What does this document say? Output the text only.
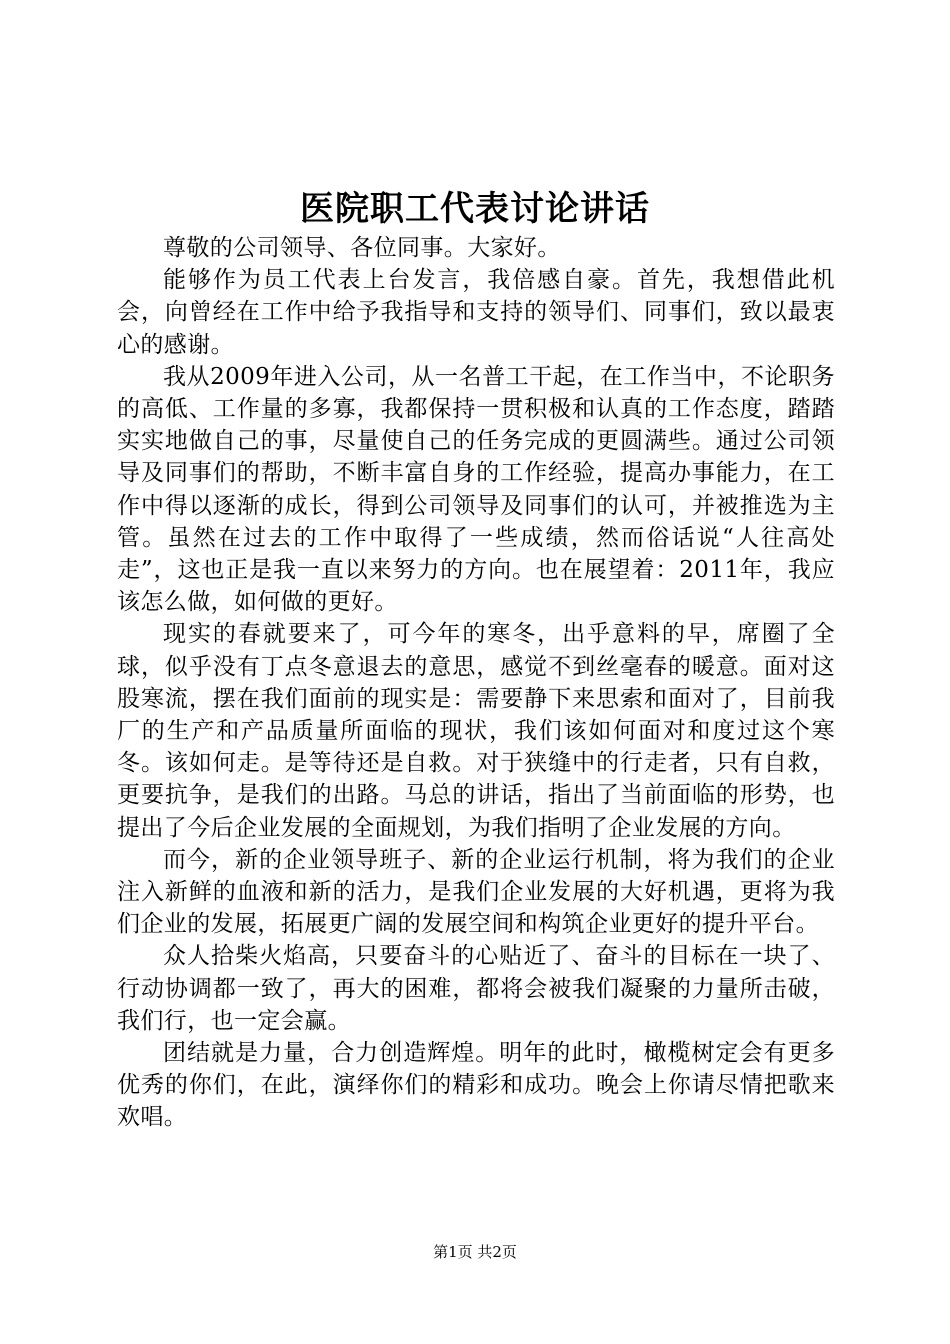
医院职工代表讨论讲话

尊敬的公司领导、各位同事。大家好。

能够作为员工代表上台发言，我倍感自豪。首先，我想借此机会，向曾经在工作中给予我指导和支持的领导们、同事们，致以最衷心的感谢。

我从2009年进入公司，从一名普工干起，在工作当中，不论职务的高低、工作量的多寡，我都保持一贯积极和认真的工作态度，踏踏实实地做自己的事，尽量使自己的任务完成的更圆满些。通过公司领导及同事们的帮助，不断丰富自身的工作经验，提高办事能力，在工作中得以逐渐的成长，得到公司领导及同事们的认可，并被推选为主管。虽然在过去的工作中取得了一些成绩，然而俗话说“人往高处走”，这也正是我一直以来努力的方向。也在展望着：2011年，我应该怎么做，如何做的更好。

现实的春就要来了，可今年的寒冬，出乎意料的早，席圈了全球，似乎没有丁点冬意退去的意思，感觉不到丝毫春的暖意。面对这股寒流，摆在我们面前的现实是：需要静下来思索和面对了，目前我厂的生产和产品质量所面临的现状，我们该如何面对和度过这个寒冬。该如何走。是等待还是自救。对于狭缝中的行走者，只有自救，更要抗争，是我们的出路。马总的讲话，指出了当前面临的形势，也提出了今后企业发展的全面规划，为我们指明了企业发展的方向。

而今，新的企业领导班子、新的企业运行机制，将为我们的企业注入新鲜的血液和新的活力，是我们企业发展的大好机遇，更将为我们企业的发展，拓展更广阔的发展空间和构筑企业更好的提升平台。

众人拾柴火焰高，只要奋斗的心贴近了、奋斗的目标在一块了、行动协调都一致了，再大的困难，都将会被我们凝聚的力量所击破，我们行，也一定会赢。

团结就是力量，合力创造辉煌。明年的此时，橄榄树定会有更多优秀的你们，在此，演绎你们的精彩和成功。晚会上你请尽情把歌来欢唱。

第1页 共2页
